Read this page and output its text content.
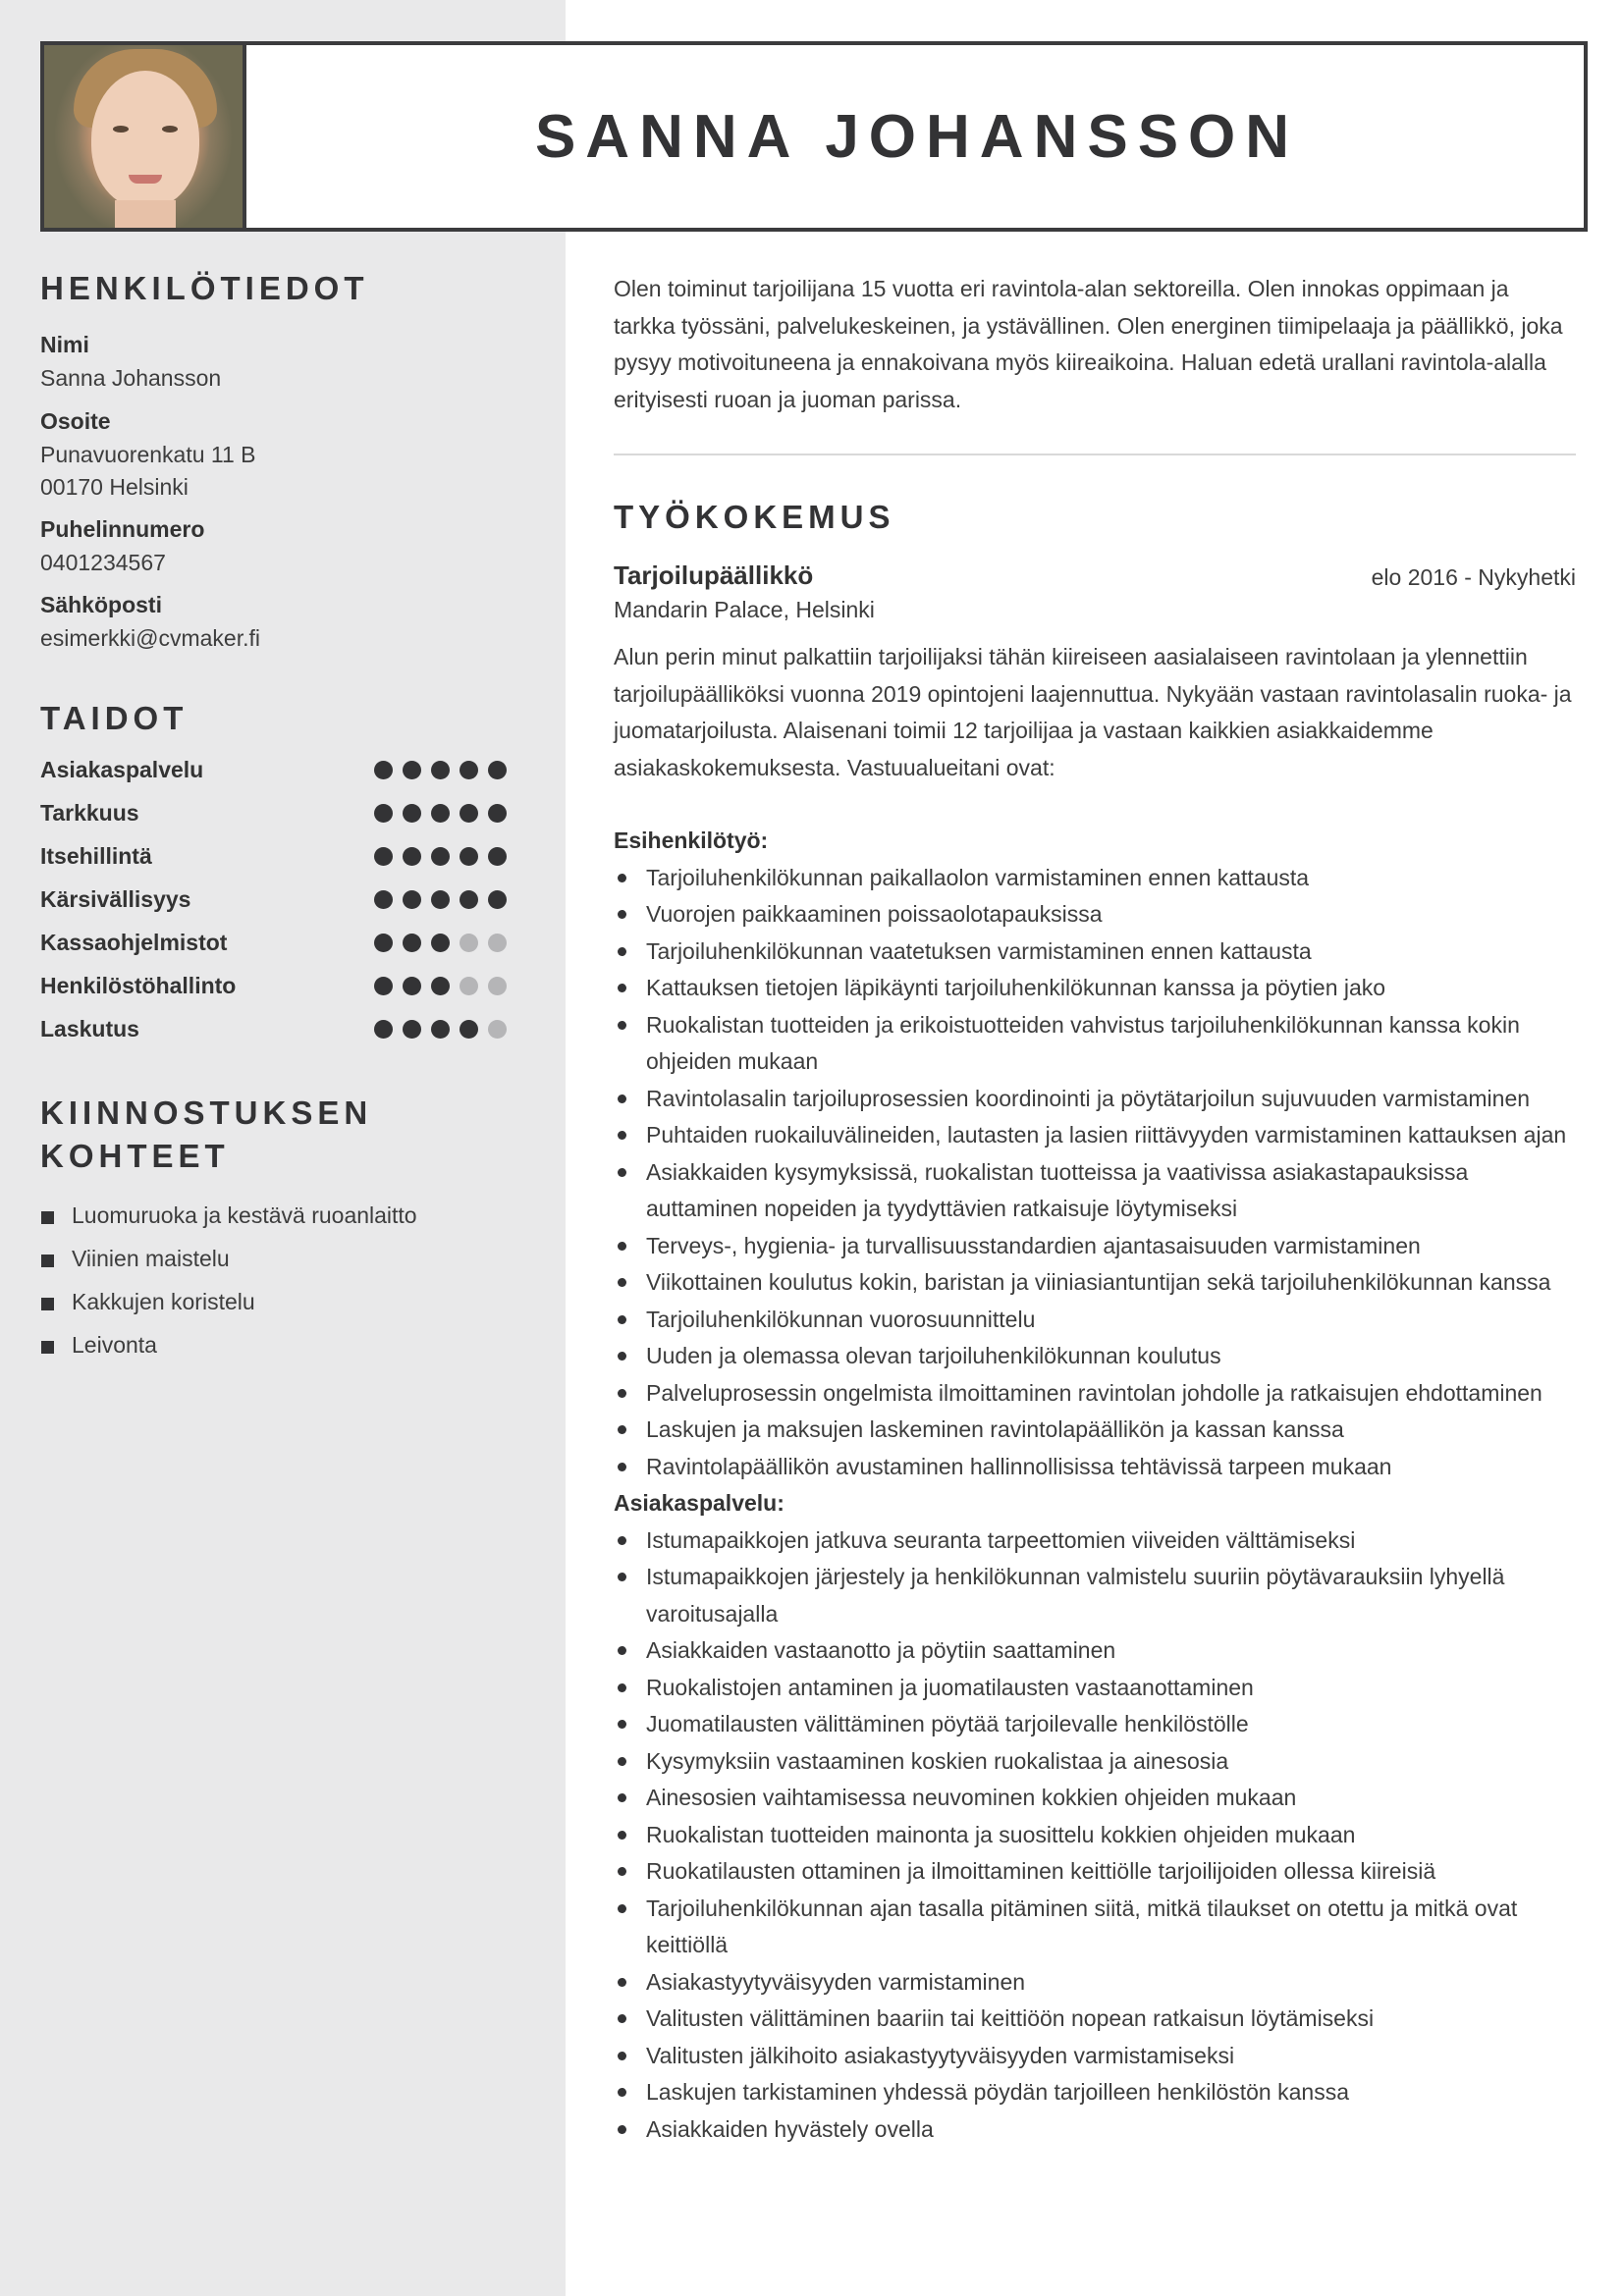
HENKILÖTIEDOT
Nimi
Sanna Johansson
Osoite
Punavuorenkatu 11 B
00170 Helsinki
Puhelinnumero
0401234567
Sähköposti
esimerkki@cvmaker.fi
TAIDOT
Asiakaspalvelu
Tarkkuus
Itsehillintä
Kärsivällisyys
Kassaohjelmistot
Henkilöstöhallinto
Laskutus
KIINNOSTUKSEN
KOHTEET
Luomuruoka ja kestävä ruoanlaitto
Viinien maistelu
Kakkujen koristelu
Leivonta
Olen toiminut tarjoilijana 15 vuotta eri ravintola-alan sektoreilla. Olen innokas oppimaan ja tarkka työssäni, palvelukeskeinen, ja ystävällinen. Olen energinen tiimipelaaja ja päällikkö, joka pysyy motivoituneena ja ennakoivana myös kiireaikoina. Haluan edetä urallani ravintola-alalla erityisesti ruoan ja juoman parissa.
TYÖKOKEMUS
Tarjoilupäällikkö	elo 2016 - Nykyhetki
Mandarin Palace, Helsinki
Alun perin minut palkattiin tarjoilijaksi tähän kiireiseen aasialaiseen ravintolaan ja ylennettiin tarjoilupäälliköksi vuonna 2019 opintojeni laajennuttua. Nykyään vastaan ravintolasalin ruoka- ja juomatarjoilusta. Alaisenani toimii 12 tarjoilijaa ja vastaan kaikkien asiakkaidemme asiakaskokemuksesta. Vastuualueitani ovat:
Esihenkilötyö:
Tarjoiluhenkilökunnan paikallaolon varmistaminen ennen kattausta
Vuorojen paikkaaminen poissaolotapauksissa
Tarjoiluhenkilökunnan vaatetuksen varmistaminen ennen kattausta
Kattauksen tietojen läpikäynti tarjoiluhenkilökunnan kanssa ja pöytien jako
Ruokalistan tuotteiden ja erikoistuotteiden vahvistus tarjoiluhenkilökunnan kanssa kokin ohjeiden mukaan
Ravintolasalin tarjoiluprosessien koordinointi ja pöytätarjoilun sujuvuuden varmistaminen
Puhtaiden ruokailuvälineiden, lautasten ja lasien riittävyyden varmistaminen kattauksen ajan
Asiakkaiden kysymyksissä, ruokalistan tuotteissa ja vaativissa asiakastapauksissa auttaminen nopeiden ja tyydyttävien ratkaisuje löytymiseksi
Terveys-, hygienia- ja turvallisuusstandardien ajantasaisuuden varmistaminen
Viikottainen koulutus kokin, baristan ja viiniasiantuntijan sekä tarjoiluhenkilökunnan kanssa
Tarjoiluhenkilökunnan vuorosuunnittelu
Uuden ja olemassa olevan tarjoiluhenkilökunnan koulutus
Palveluprosessin ongelmista ilmoittaminen ravintolan johdolle ja ratkaisujen ehdottaminen
Laskujen ja maksujen laskeminen ravintolapäällikön ja kassan kanssa
Ravintolapäällikön avustaminen hallinnollisissa tehtävissä tarpeen mukaan
Asiakaspalvelu:
Istumapaikkojen jatkuva seuranta tarpeettomien viiveiden välttämiseksi
Istumapaikkojen järjestely ja henkilökunnan valmistelu suuriin pöytävarauksiin lyhyellä varoitusajalla
Asiakkaiden vastaanotto ja pöytiin saattaminen
Ruokalistojen antaminen ja juomatilausten vastaanottaminen
Juomatilausten välittäminen pöytää tarjoilevalle henkilöstölle
Kysymyksiin vastaaminen koskien ruokalistaa ja ainesosia
Ainesosien vaihtamisessa neuvominen kokkien ohjeiden mukaan
Ruokalistan tuotteiden mainonta ja suosittelu kokkien ohjeiden mukaan
Ruokatilausten ottaminen ja ilmoittaminen keittiölle tarjoilijoiden ollessa kiireisiä
Tarjoiluhenkilökunnan ajan tasalla pitäminen siitä, mitkä tilaukset on otettu ja mitkä ovat keittiöllä
Asiakastyytyväisyyden varmistaminen
Valitusten välittäminen baariin tai keittiöön nopean ratkaisun löytämiseksi
Valitusten jälkihoito asiakastyytyväisyyden varmistamiseksi
Laskujen tarkistaminen yhdessä pöydän tarjoilleen henkilöstön kanssa
Asiakkaiden hyvästely ovella
SANNA JOHANSSON
